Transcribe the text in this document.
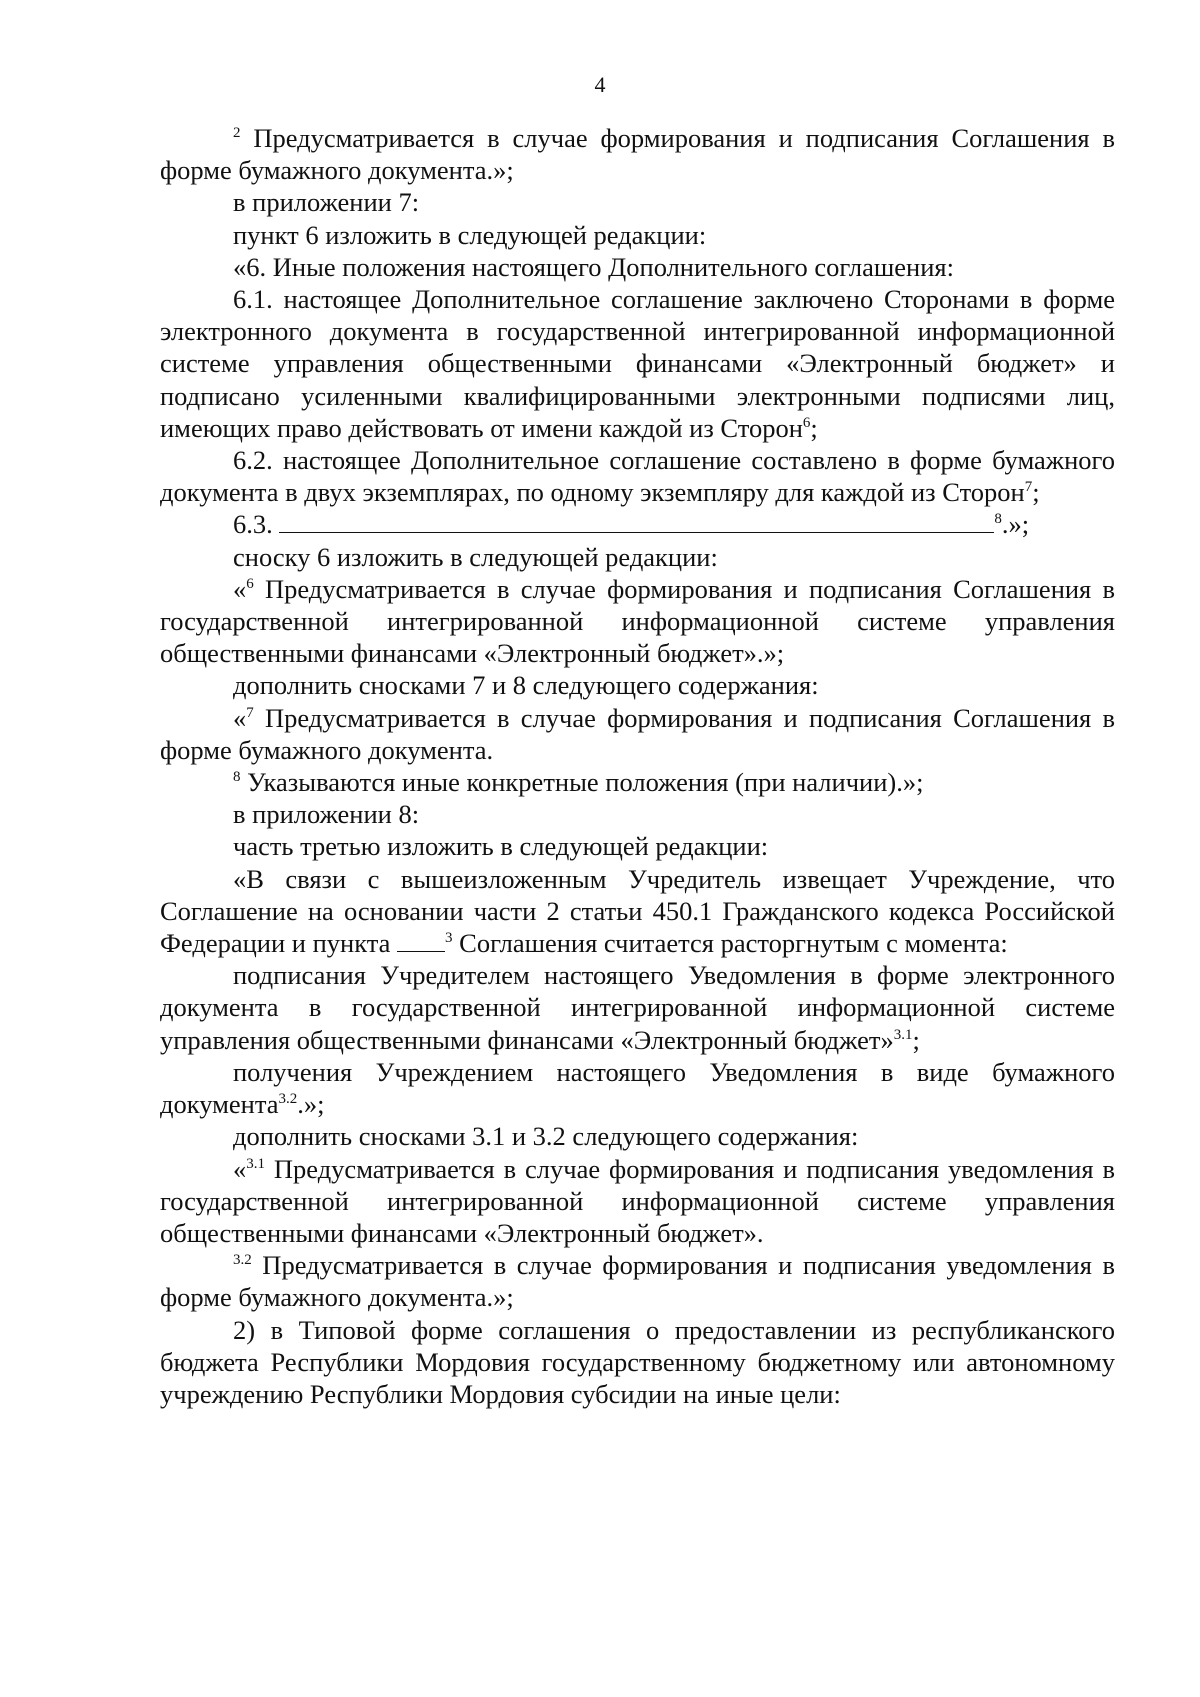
4

$^2$ Предусматривается в случае формирования и подписания Соглашения в форме бумажного документа.»;

в приложении 7:

пункт 6 изложить в следующей редакции:

«6. Иные положения настоящего Дополнительного соглашения:

6.1. настоящее Дополнительное соглашение заключено Сторонами в форме электронного документа в государственной интегрированной информационной системе управления общественными финансами «Электронный бюджет» и подписано усиленными квалифицированными электронными подписями лиц, имеющих право действовать от имени каждой из Сторон$^6$;

6.2. настоящее Дополнительное соглашение составлено в форме бумажного документа в двух экземплярах, по одному экземпляру для каждой из Сторон$^7$;

6.3.	$^8$.»;

сноску 6 изложить в следующей редакции:

«$^6$ Предусматривается в случае формирования и подписания Соглашения в государственной интегрированной информационной системе управления общественными финансами «Электронный бюджет».»;

дополнить сносками 7 и 8 следующего содержания:

«$^7$ Предусматривается в случае формирования и подписания Соглашения в форме бумажного документа.

$^8$ Указываются иные конкретные положения (при наличии).»;

в приложении 8:

часть третью изложить в следующей редакции:

«В связи с вышеизложенным Учредитель извещает Учреждение, что Соглашение на основании части 2 статьи 450.1 Гражданского кодекса Российской Федерации и пункта	$^3$ Соглашения считается расторгнутым с момента:

подписания Учредителем настоящего Уведомления в форме электронного документа в государственной интегрированной информационной системе управления общественными финансами «Электронный бюджет»$^{3.1}$;

получения Учреждением настоящего Уведомления в виде бумажного документа$^{3.2}$.»;

дополнить сносками 3.1 и 3.2 следующего содержания:

«$^{3.1}$ Предусматривается в случае формирования и подписания уведомления в государственной интегрированной информационной системе управления общественными финансами «Электронный бюджет».

$^{3.2}$ Предусматривается в случае формирования и подписания уведомления в форме бумажного документа.»;

2) в Типовой форме соглашения о предоставлении из республиканского бюджета Республики Мордовия государственному бюджетному или автономному учреждению Республики Мордовия субсидии на иные цели:
